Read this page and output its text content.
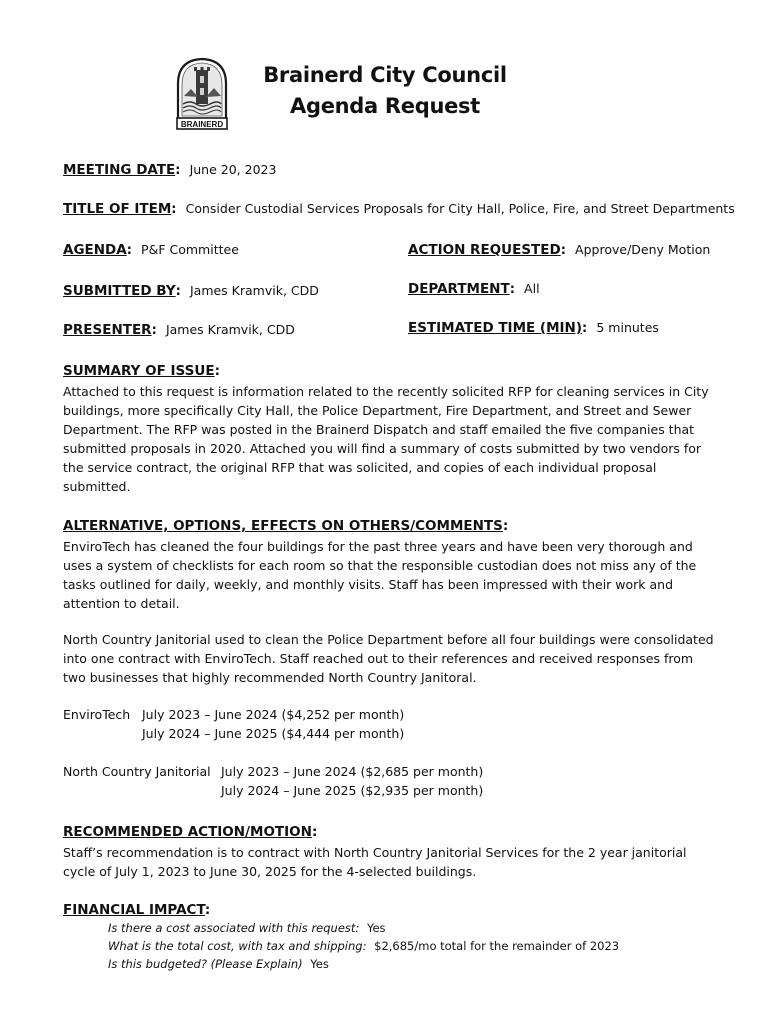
BRAINERD
Brainerd City Council
Agenda Request
MEETING DATE: June 20, 2023
TITLE OF ITEM: Consider Custodial Services Proposals for City Hall, Police, Fire, and Street Departments
AGENDA: P&F Committee	ACTION REQUESTED: Approve/Deny Motion
SUBMITTED BY: James Kramvik, CDD	DEPARTMENT: All
PRESENTER: James Kramvik, CDD	ESTIMATED TIME (MIN): 5 minutes
SUMMARY OF ISSUE:

Attached to this request is information related to the recently solicited RFP for cleaning services in City

buildings, more specifically City Hall, the Police Department, Fire Department, and Street and Sewer

Department. The RFP was posted in the Brainerd Dispatch and staff emailed the five companies that

submitted proposals in 2020. Attached you will find a summary of costs submitted by two vendors for

the service contract, the original RFP that was solicited, and copies of each individual proposal

submitted.

ALTERNATIVE, OPTIONS, EFFECTS ON OTHERS/COMMENTS:

EnviroTech has cleaned the four buildings for the past three years and have been very thorough and

uses a system of checklists for each room so that the responsible custodian does not miss any of the

tasks outlined for daily, weekly, and monthly visits. Staff has been impressed with their work and

attention to detail.

North Country Janitorial used to clean the Police Department before all four buildings were consolidated

into one contract with EnviroTech. Staff reached out to their references and received responses from

two businesses that highly recommended North Country Janitoral.

EnviroTech July 2023 – June 2024 ($4,252 per month)
July 2024 – June 2025 ($4,444 per month)
North Country Janitorial July 2023 – June 2024 ($2,685 per month)
July 2024 – June 2025 ($2,935 per month)
RECOMMENDED ACTION/MOTION:

Staff’s recommendation is to contract with North Country Janitorial Services for the 2 year janitorial

cycle of July 1, 2023 to June 30, 2025 for the 4-selected buildings.

FINANCIAL IMPACT:
Is there a cost associated with this request: Yes
What is the total cost, with tax and shipping: $2,685/mo total for the remainder of 2023
Is this budgeted? (Please Explain) Yes
